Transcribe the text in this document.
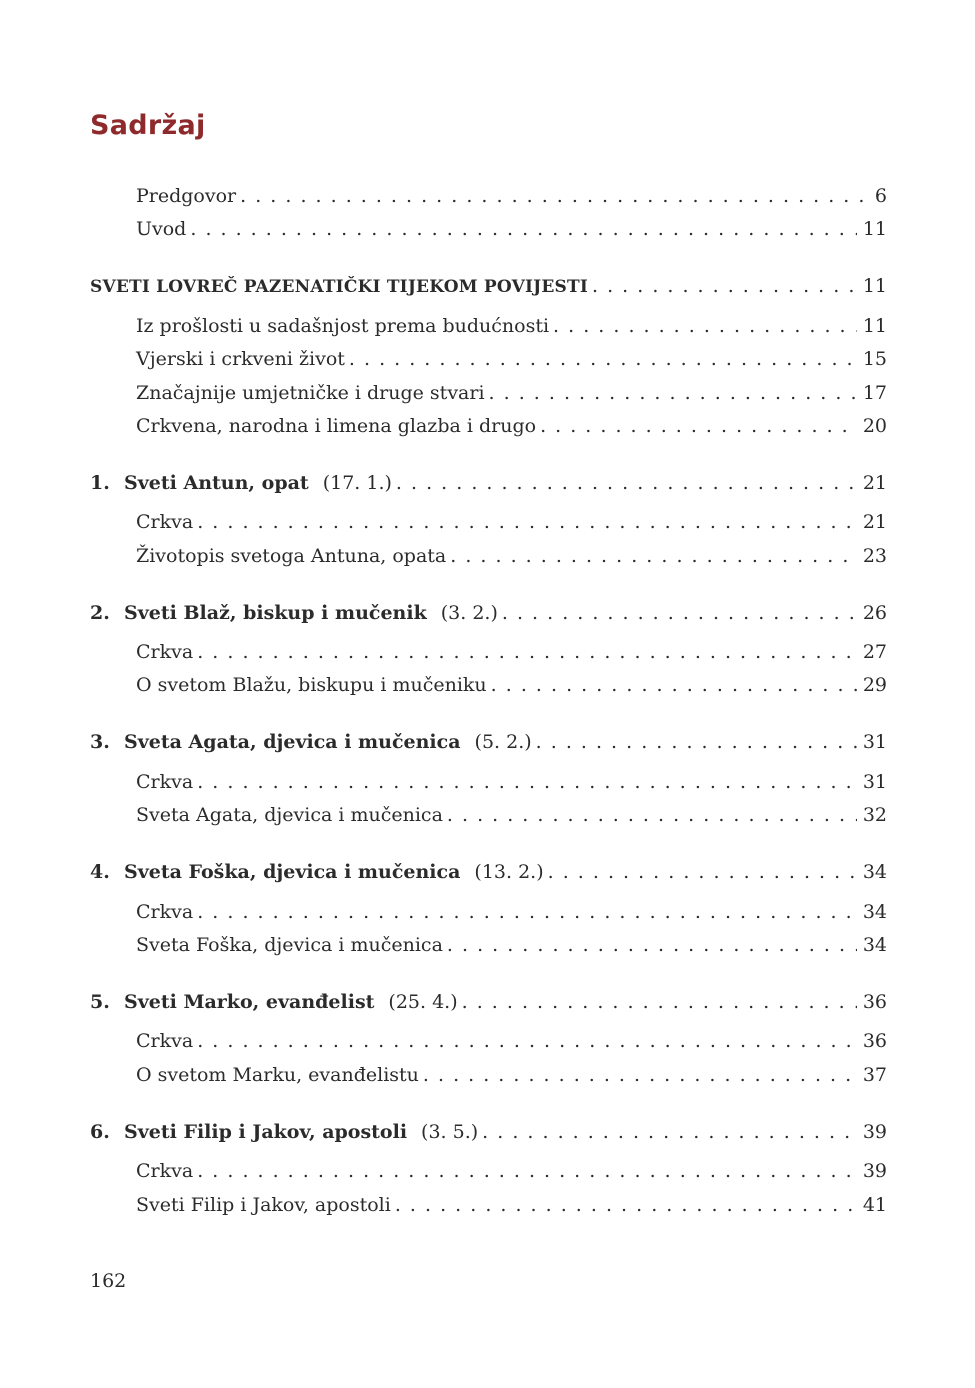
Sadržaj
Predgovor . . .	6
Uvod . . .	11
SVETI LOVREČ PAZENATIČKI TIJEKOM POVIJESTI . . .	11
Iz prošlosti u sadašnjost prema budućnosti . . .	11
Vjerski i crkveni život . . .	15
Značajnije umjetničke i druge stvari . . .	17
Crkvena, narodna i limena glazba i drugo . . .	20
1. Sveti Antun, opat (17. 1.) . . .	21
Crkva . . .	21
Životopis svetoga Antuna, opata . . .	23
2. Sveti Blaž, biskup i mučenik (3. 2.) . . .	26
Crkva . . .	27
O svetom Blažu, biskupu i mučeniku . . .	29
3. Sveta Agata, djevica i mučenica (5. 2.) . . .	31
Crkva . . .	31
Sveta Agata, djevica i mučenica . . .	32
4. Sveta Foška, djevica i mučenica (13. 2.) . . .	34
Crkva . . .	34
Sveta Foška, djevica i mučenica . . .	34
5. Sveti Marko, evanđelist (25. 4.) . . .	36
Crkva . . .	36
O svetom Marku, evanđelistu . . .	37
6. Sveti Filip i Jakov, apostoli (3. 5.) . . .	39
Crkva . . .	39
Sveti Filip i Jakov, apostoli . . .	41
162
